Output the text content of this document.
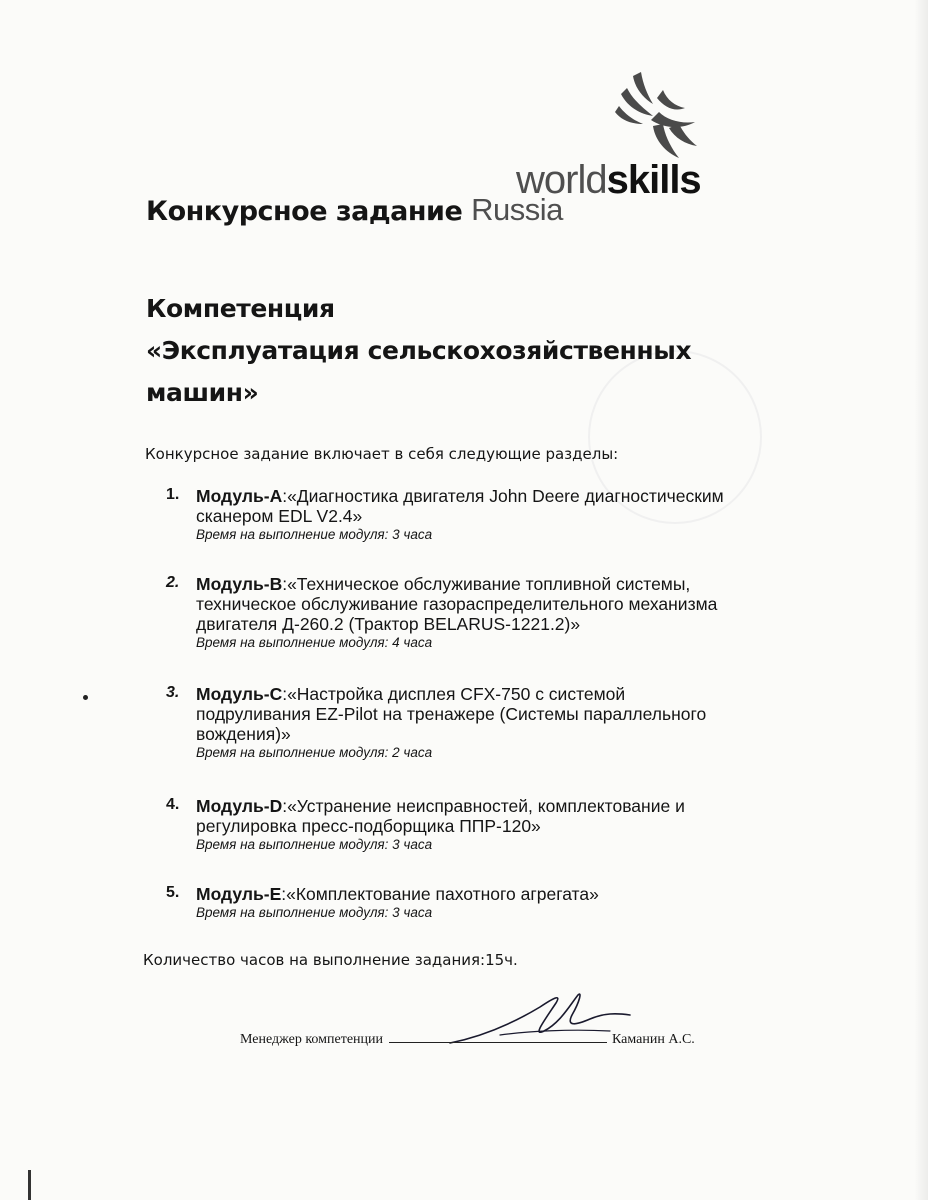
worldskills
Конкурсное задание Russia
Компетенция
«Эксплуатация сельскохозяйственных
машин»
Конкурсное задание включает в себя следующие разделы:
1. Модуль-А:«Диагностика двигателя John Deere диагностическим
сканером EDL V2.4»
Время на выполнение модуля: 3 часа
2. Модуль-В:«Техническое обслуживание топливной системы,
техническое обслуживание газораспределительного механизма
двигателя Д-260.2 (Трактор BELARUS-1221.2)»
Время на выполнение модуля: 4 часа
3. Модуль-С:«Настройка дисплея CFX-750 с системой
подруливания EZ-Pilot на тренажере (Системы параллельного
вождения)»
Время на выполнение модуля: 2 часа
4. Модуль-D:«Устранение неисправностей, комплектование и
регулировка пресс-подборщика ППР-120»
Время на выполнение модуля: 3 часа
5. Модуль-Е:«Комплектование пахотного агрегата»
Время на выполнение модуля: 3 часа
Количество часов на выполнение задания:15ч.
Менеджер компетенции	Каманин А.С.
